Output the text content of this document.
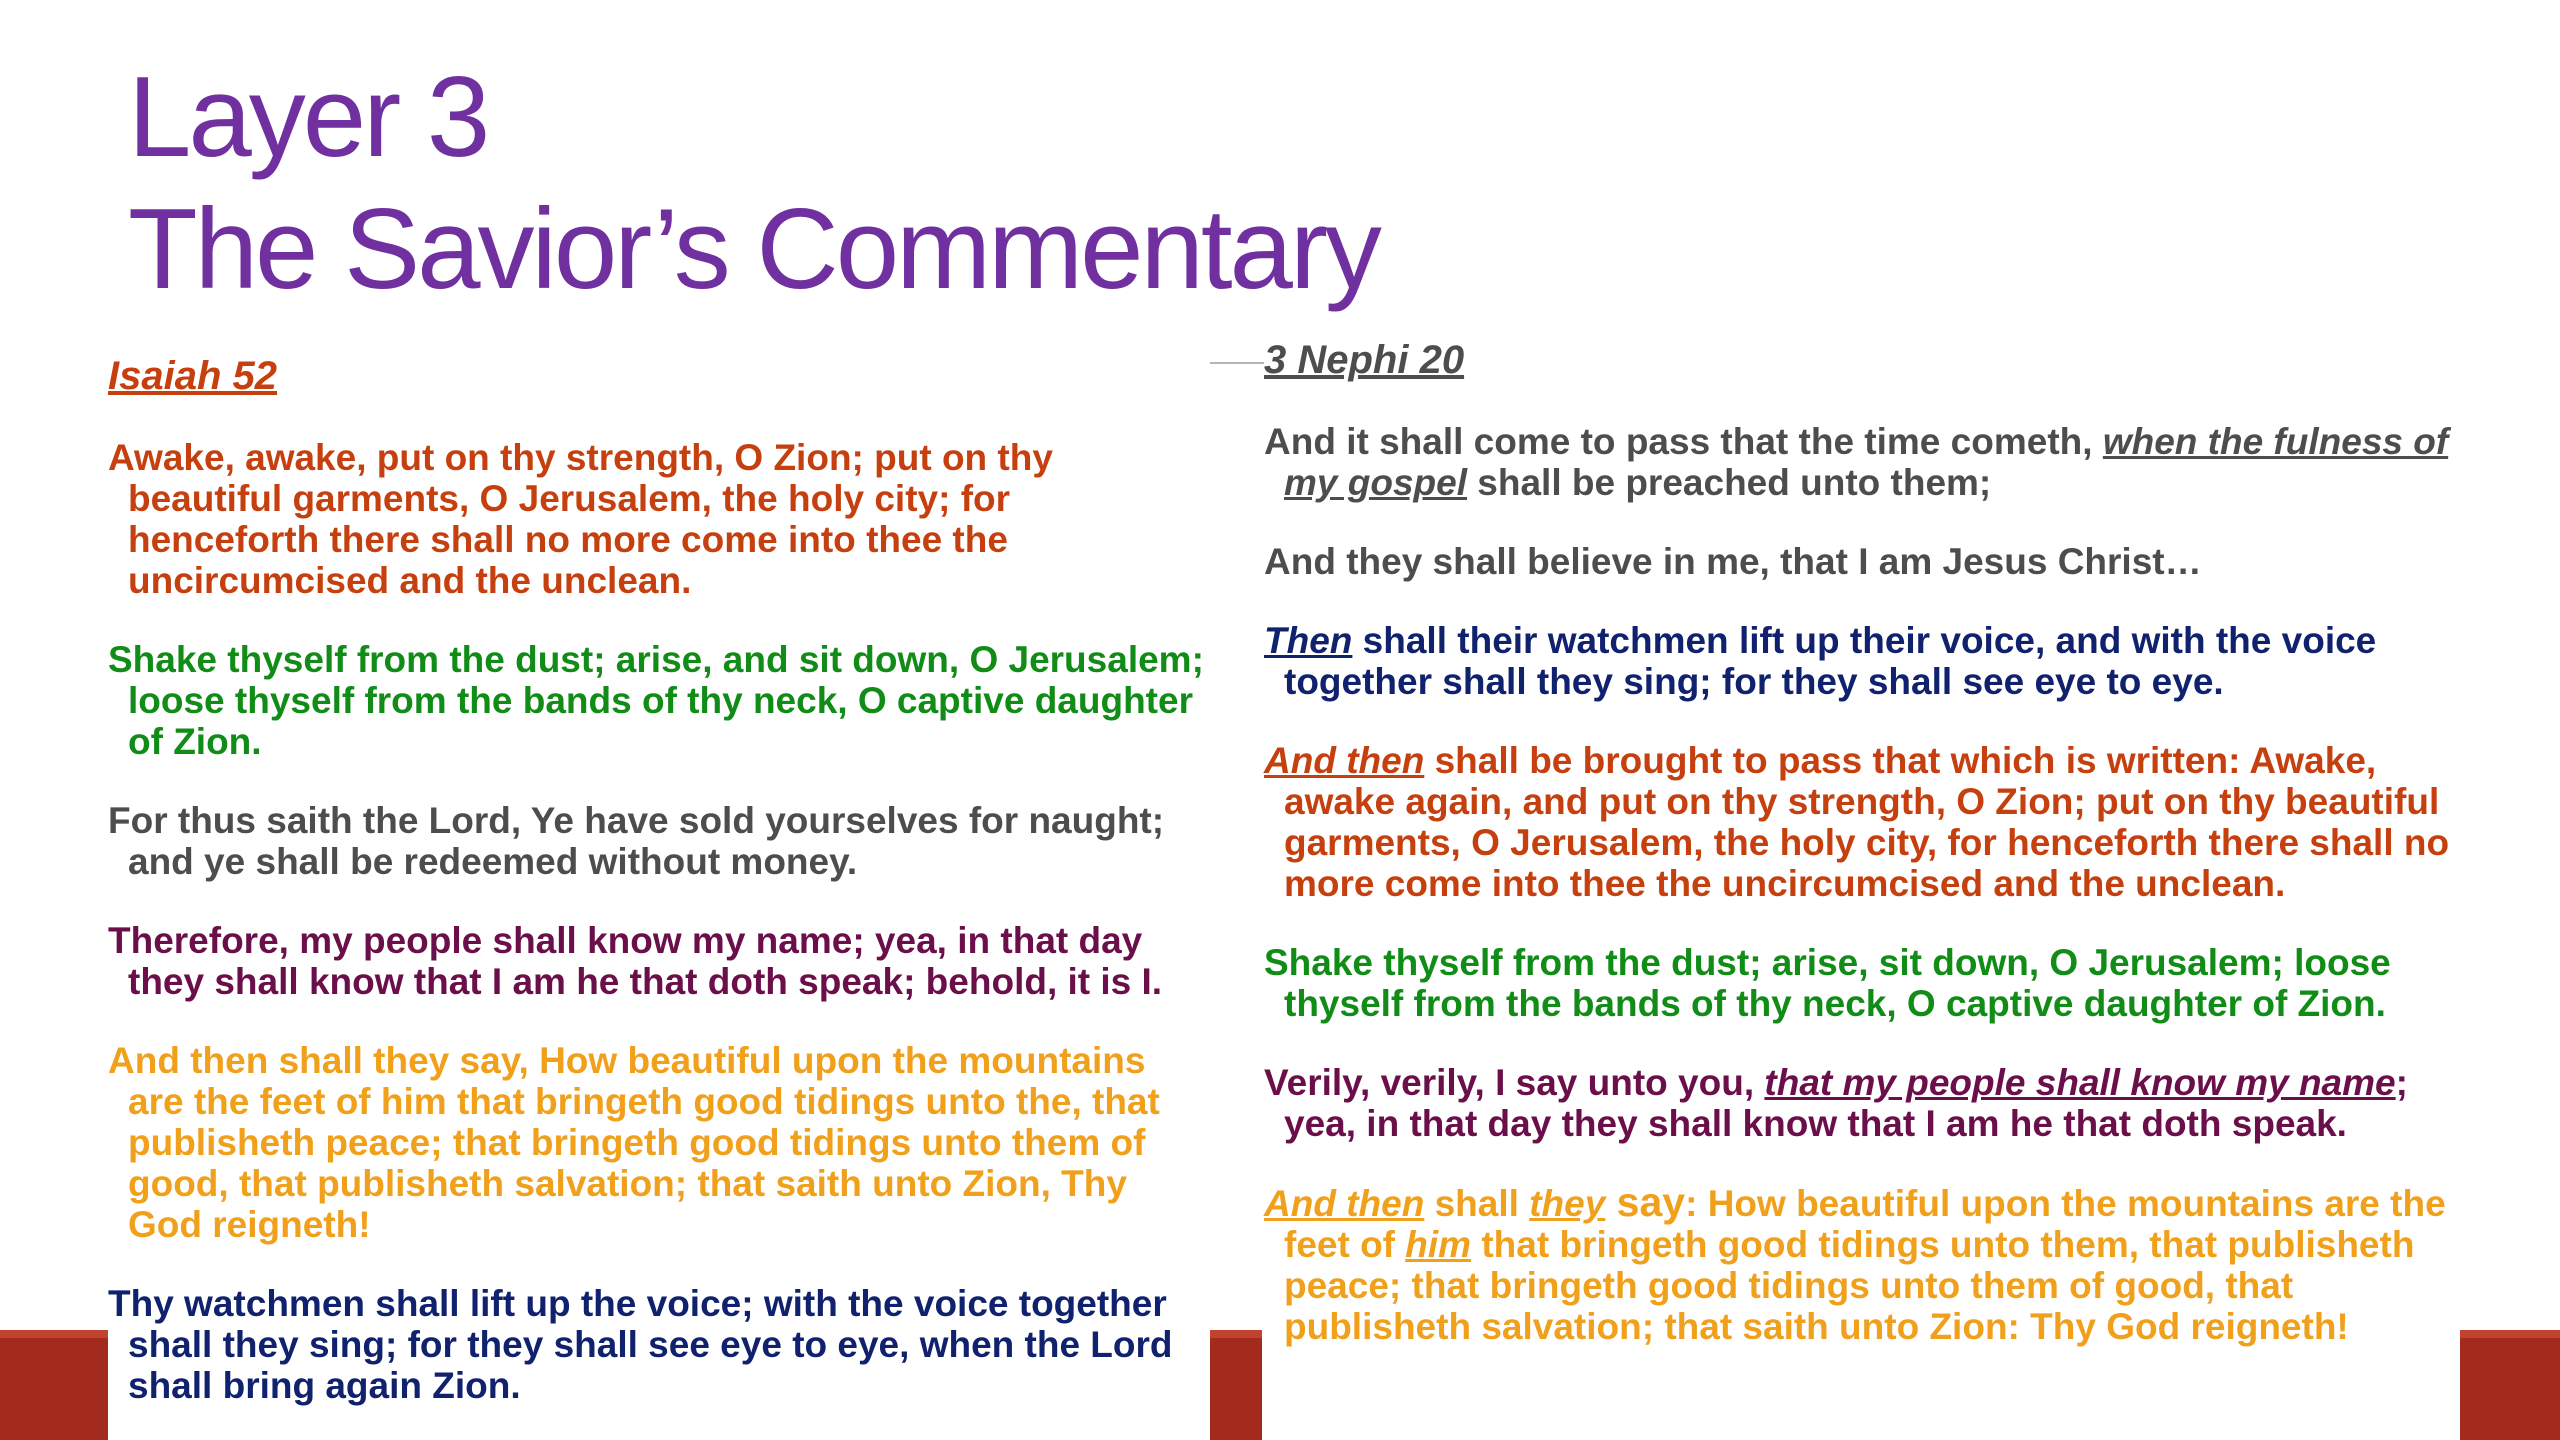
Layer 3
The Savior’s Commentary

Isaiah 52

Awake, awake, put on thy strength, O Zion; put on thy beautiful garments, O Jerusalem, the holy city; for henceforth there shall no more come into thee the uncircumcised and the unclean.

Shake thyself from the dust; arise, and sit down, O Jerusalem; loose thyself from the bands of thy neck, O captive daughter of Zion.

For thus saith the Lord, Ye have sold yourselves for naught; and ye shall be redeemed without money.

Therefore, my people shall know my name; yea, in that day they shall know that I am he that doth speak; behold, it is I.

And then shall they say, How beautiful upon the mountains are the feet of him that bringeth good tidings unto the, that publisheth peace; that bringeth good tidings unto them of good, that publisheth salvation; that saith unto Zion, Thy God reigneth!

Thy watchmen shall lift up the voice; with the voice together shall they sing; for they shall see eye to eye, when the Lord shall bring again Zion.

3 Nephi 20

And it shall come to pass that the time cometh, when the fulness of my gospel shall be preached unto them;

And they shall believe in me, that I am Jesus Christ…

Then shall their watchmen lift up their voice, and with the voice together shall they sing; for they shall see eye to eye.

And then shall be brought to pass that which is written: Awake, awake again, and put on thy strength, O Zion; put on thy beautiful garments, O Jerusalem, the holy city, for henceforth there shall no more come into thee the uncircumcised and the unclean.

Shake thyself from the dust; arise, sit down, O Jerusalem; loose thyself from the bands of thy neck, O captive daughter of Zion.

Verily, verily, I say unto you, that my people shall know my name; yea, in that day they shall know that I am he that doth speak.

And then shall they say: How beautiful upon the mountains are the feet of him that bringeth good tidings unto them, that publisheth peace; that bringeth good tidings unto them of good, that publisheth salvation; that saith unto Zion: Thy God reigneth!
